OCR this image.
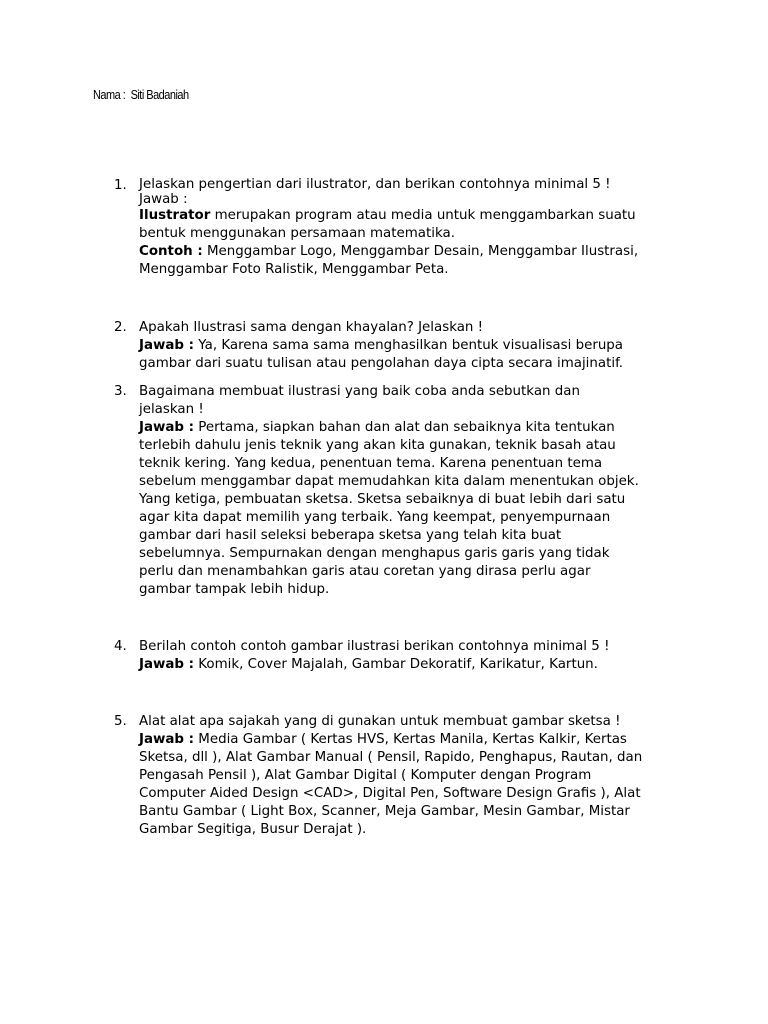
Nama : Siti Badaniah
1. Jelaskan pengertian dari ilustrator, dan berikan contohnya minimal 5 !
Jawab :
Ilustrator merupakan program atau media untuk menggambarkan suatu
bentuk menggunakan persamaan matematika.
Contoh : Menggambar Logo, Menggambar Desain, Menggambar Ilustrasi,
Menggambar Foto Ralistik, Menggambar Peta.
2. Apakah Ilustrasi sama dengan khayalan? Jelaskan !
Jawab : Ya, Karena sama sama menghasilkan bentuk visualisasi berupa
gambar dari suatu tulisan atau pengolahan daya cipta secara imajinatif.
3. Bagaimana membuat ilustrasi yang baik coba anda sebutkan dan
jelaskan !
Jawab : Pertama, siapkan bahan dan alat dan sebaiknya kita tentukan
terlebih dahulu jenis teknik yang akan kita gunakan, teknik basah atau
teknik kering. Yang kedua, penentuan tema. Karena penentuan tema
sebelum menggambar dapat memudahkan kita dalam menentukan objek.
Yang ketiga, pembuatan sketsa. Sketsa sebaiknya di buat lebih dari satu
agar kita dapat memilih yang terbaik. Yang keempat, penyempurnaan
gambar dari hasil seleksi beberapa sketsa yang telah kita buat
sebelumnya. Sempurnakan dengan menghapus garis garis yang tidak
perlu dan menambahkan garis atau coretan yang dirasa perlu agar
gambar tampak lebih hidup.
4. Berilah contoh contoh gambar ilustrasi berikan contohnya minimal 5 !
Jawab : Komik, Cover Majalah, Gambar Dekoratif, Karikatur, Kartun.
5. Alat alat apa sajakah yang di gunakan untuk membuat gambar sketsa !
Jawab : Media Gambar ( Kertas HVS, Kertas Manila, Kertas Kalkir, Kertas
Sketsa, dll ), Alat Gambar Manual ( Pensil, Rapido, Penghapus, Rautan, dan
Pengasah Pensil ), Alat Gambar Digital ( Komputer dengan Program
Computer Aided Design <CAD>, Digital Pen, Software Design Grafis ), Alat
Bantu Gambar ( Light Box, Scanner, Meja Gambar, Mesin Gambar, Mistar
Gambar Segitiga, Busur Derajat ).
